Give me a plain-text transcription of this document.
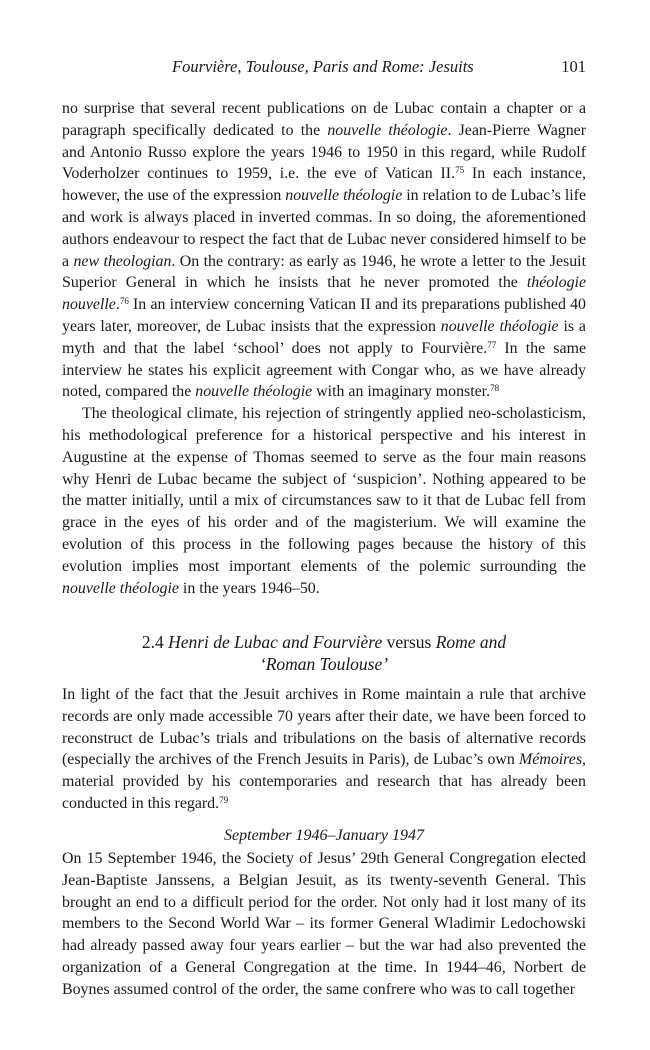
Fourvière, Toulouse, Paris and Rome: Jesuits	101

no surprise that several recent publications on de Lubac contain a chapter or a paragraph specifically dedicated to the nouvelle théologie. Jean-Pierre Wagner and Antonio Russo explore the years 1946 to 1950 in this regard, while Rudolf Voderholzer continues to 1959, i.e. the eve of Vatican II.$^{75}$ In each instance, however, the use of the expression nouvelle théologie in relation to de Lubac’s life and work is always placed in inverted commas. In so doing, the aforementioned authors endeavour to respect the fact that de Lubac never considered himself to be a new theologian. On the contrary: as early as 1946, he wrote a letter to the Jesuit Superior General in which he insists that he never promoted the théologie nouvelle.$^{76}$ In an interview concerning Vatican II and its preparations published 40 years later, moreover, de Lubac insists that the expression nouvelle théologie is a myth and that the label ‘school’ does not apply to Fourvière.$^{77}$ In the same interview he states his explicit agreement with Congar who, as we have already noted, compared the nouvelle théologie with an imaginary monster.$^{78}$

The theological climate, his rejection of stringently applied neo-scholasticism, his methodological preference for a historical perspective and his interest in Augustine at the expense of Thomas seemed to serve as the four main reasons why Henri de Lubac became the subject of ‘suspicion’. Nothing appeared to be the matter initially, until a mix of circumstances saw to it that de Lubac fell from grace in the eyes of his order and of the magisterium. We will examine the evolution of this process in the following pages because the history of this evolution implies most important elements of the polemic surrounding the nouvelle théologie in the years 1946–50.

2.4 Henri de Lubac and Fourvière versus Rome and
‘Roman Toulouse’

In light of the fact that the Jesuit archives in Rome maintain a rule that archive records are only made accessible 70 years after their date, we have been forced to reconstruct de Lubac’s trials and tribulations on the basis of alternative records (especially the archives of the French Jesuits in Paris), de Lubac’s own Mémoires, material provided by his contemporaries and research that has already been conducted in this regard.$^{79}$

September 1946–January 1947

On 15 September 1946, the Society of Jesus’ 29th General Congregation elected Jean-Baptiste Janssens, a Belgian Jesuit, as its twenty-seventh General. This brought an end to a difficult period for the order. Not only had it lost many of its members to the Second World War – its former General Wladimir Ledochowski had already passed away four years earlier – but the war had also prevented the organization of a General Congregation at the time. In 1944–46, Norbert de Boynes assumed control of the order, the same confrere who was to call together
